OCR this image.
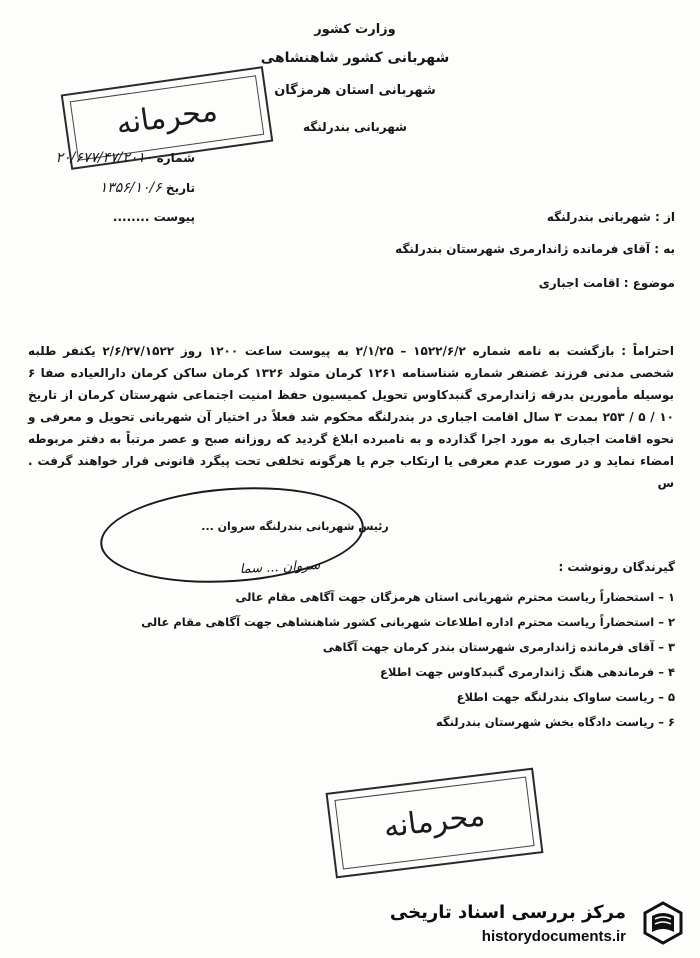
وزارت کشور
شهربانی کشور شاهنشاهی
شهربانی استان هرمزگان
شهربانی بندرلنگه
محرمانه
شماره ۲۰/۶۷۷/۴۷/۲۰۱۰
تاریخ ۱۳۵۶/۱۰/۶
پیوست ........	از : شهربانی بندرلنگه
به : آقای فرمانده ژاندارمری شهرستان بندرلنگه
موضوع : اقامت اجباری
احتراماً : بازگشت به نامه شماره ۱۵۲۲/۶/۲ – ۲/۱/۲۵ به پیوست ساعت ۱۲۰۰ روز ۲/۶/۲۷/۱۵۲۲ یکنفر طلبه شخصی مدنی فرزند غضنفر شماره شناسنامه ۱۲۶۱ کرمان متولد ۱۳۲۶ کرمان ساکن کرمان دارالعیاده صفا ۶ بوسیله مأمورین بدرقه ژاندارمری گنبدکاوس تحویل کمیسیون حفظ امنیت اجتماعی شهرستان کرمان از تاریخ ۱۰ / ۵ / ۲۵۳ بمدت ۳ سال اقامت اجباری در بندرلنگه محکوم شد فعلاً در اختیار آن شهربانی تحویل و معرفی و نحوه اقامت اجباری به مورد اجرا گذارده و به نامبرده ابلاغ گردید که روزانه صبح و عصر مرتباً به دفتر مربوطه امضاء نماید و در صورت عدم معرفی یا ارتکاب جرم یا هرگونه تخلفی تحت پیگرد قانونی قرار خواهند گرفت . س
رئیس شهربانی بندرلنگه سروان ...
سروان ... سما	گیرندگان رونوشت :
۱ – استحضاراً ریاست محترم شهربانی استان هرمزگان جهت آگاهی مقام عالی
۲ – استحضاراً ریاست محترم اداره اطلاعات شهربانی کشور شاهنشاهی جهت آگاهی مقام عالی
۳ – آقای فرمانده ژاندارمری شهرستان بندر کرمان جهت آگاهی
۴ – فرماندهی هنگ ژاندارمری گنبدکاوس جهت اطلاع
۵ – ریاست ساواک بندرلنگه جهت اطلاع
۶ – ریاست دادگاه بخش شهرستان بندرلنگه
محرمانه
مرکز بررسی اسناد تاریخی
historydocuments.ir
